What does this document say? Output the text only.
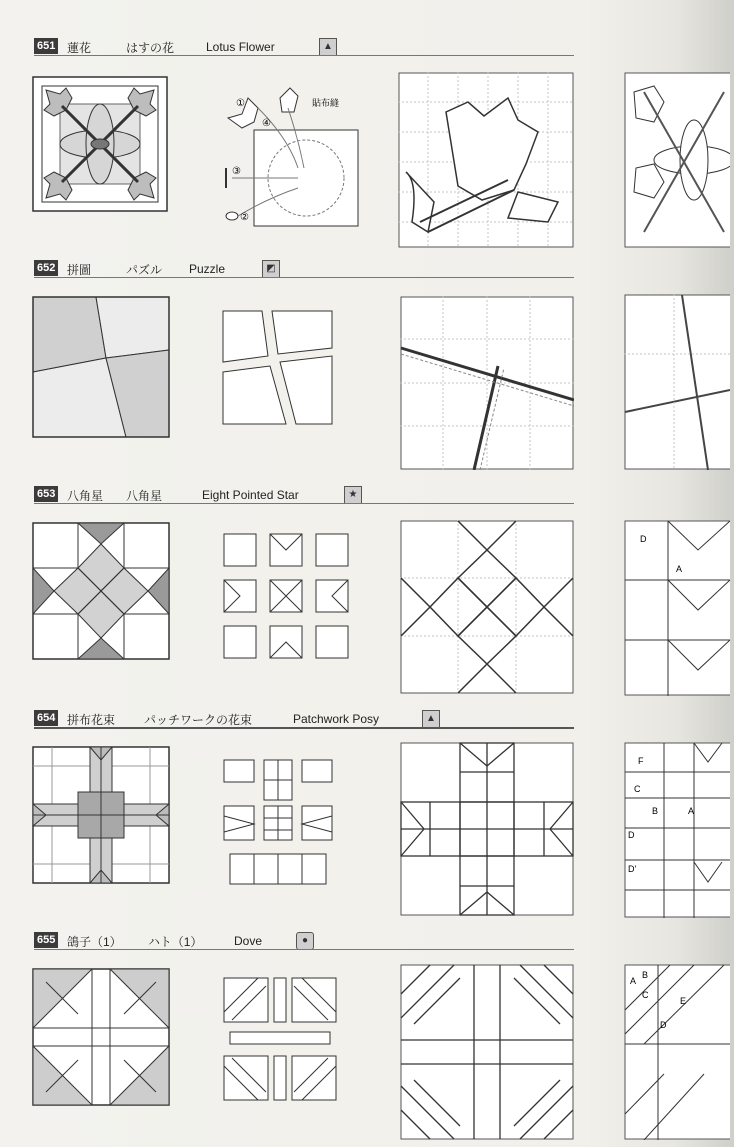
651 蓮花	はすの花	Lotus Flower	▲
①
④
③
②
貼布縫
652 拼圖	パズル Puzzle	◩
653 八角星 八角星	Eight Pointed Star	★
D
A
654 拼布花束 パッチワークの花束	Patchwork Posy	▲
F
C
B	A
D
D'
655 鴿子（1） ハト（1）	Dove	●
A
B
C
D
E
